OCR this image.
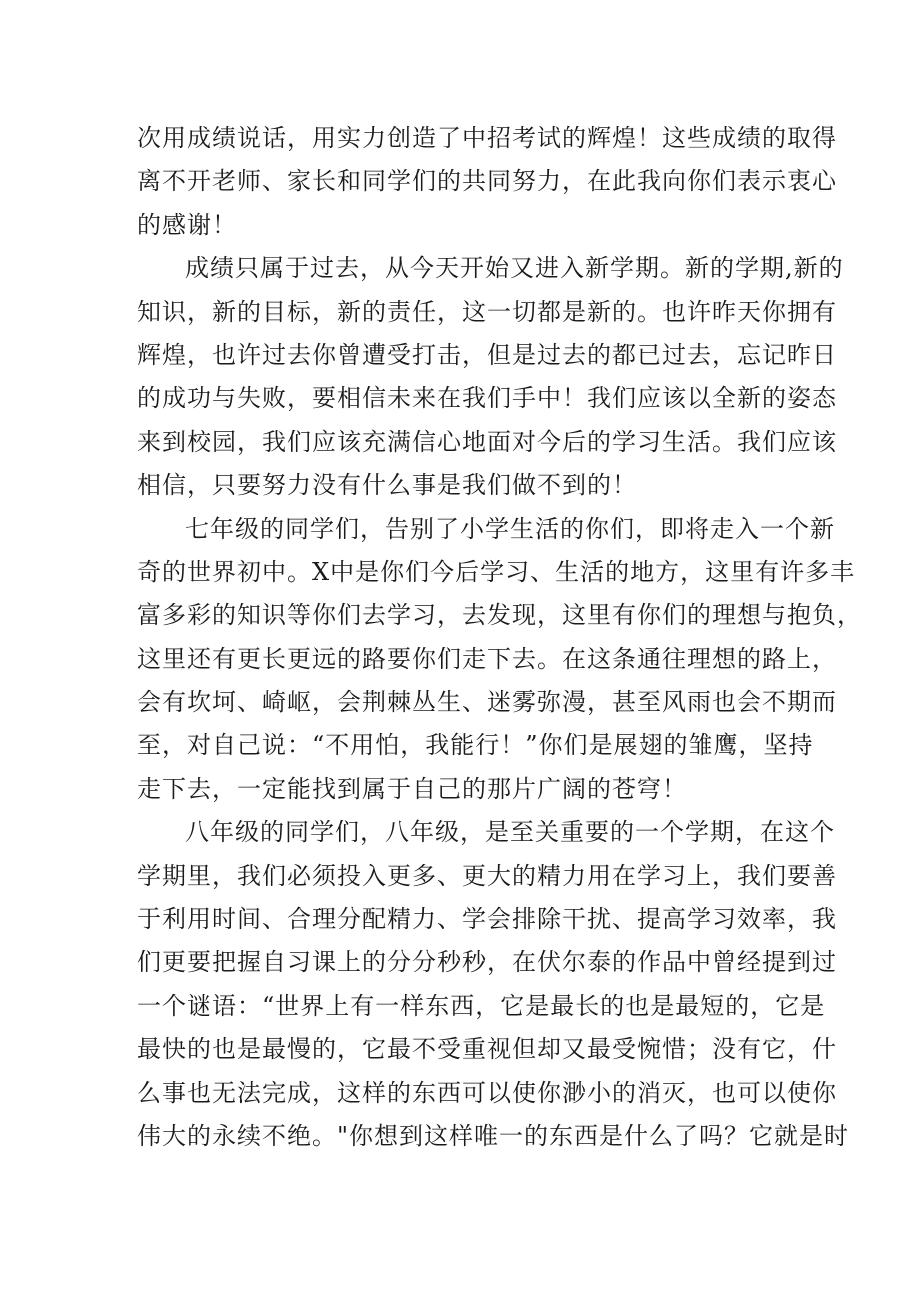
次用成绩说话，用实力创造了中招考试的辉煌！这些成绩的取得
离不开老师、家长和同学们的共同努力，在此我向你们表示衷心
的感谢！
成绩只属于过去，从今天开始又进入新学期。新的学期,新的
知识，新的目标，新的责任，这一切都是新的。也许昨天你拥有
辉煌，也许过去你曾遭受打击，但是过去的都已过去，忘记昨日
的成功与失败，要相信未来在我们手中！我们应该以全新的姿态
来到校园，我们应该充满信心地面对今后的学习生活。我们应该
相信，只要努力没有什么事是我们做不到的！
七年级的同学们，告别了小学生活的你们，即将走入一个新
奇的世界初中。X中是你们今后学习、生活的地方，这里有许多丰
富多彩的知识等你们去学习，去发现，这里有你们的理想与抱负，
这里还有更长更远的路要你们走下去。在这条通往理想的路上，
会有坎坷、崎岖，会荆棘丛生、迷雾弥漫，甚至风雨也会不期而
至，对自己说：“不用怕，我能行！”你们是展翅的雏鹰，坚持
走下去，一定能找到属于自己的那片广阔的苍穹！
八年级的同学们，八年级，是至关重要的一个学期，在这个
学期里，我们必须投入更多、更大的精力用在学习上，我们要善
于利用时间、合理分配精力、学会排除干扰、提高学习效率，我
们更要把握自习课上的分分秒秒，在伏尔泰的作品中曾经提到过
一个谜语：“世界上有一样东西，它是最长的也是最短的，它是
最快的也是最慢的，它最不受重视但却又最受惋惜；没有它，什
么事也无法完成，这样的东西可以使你渺小的消灭，也可以使你
伟大的永续不绝。"你想到这样唯一的东西是什么了吗？它就是时
